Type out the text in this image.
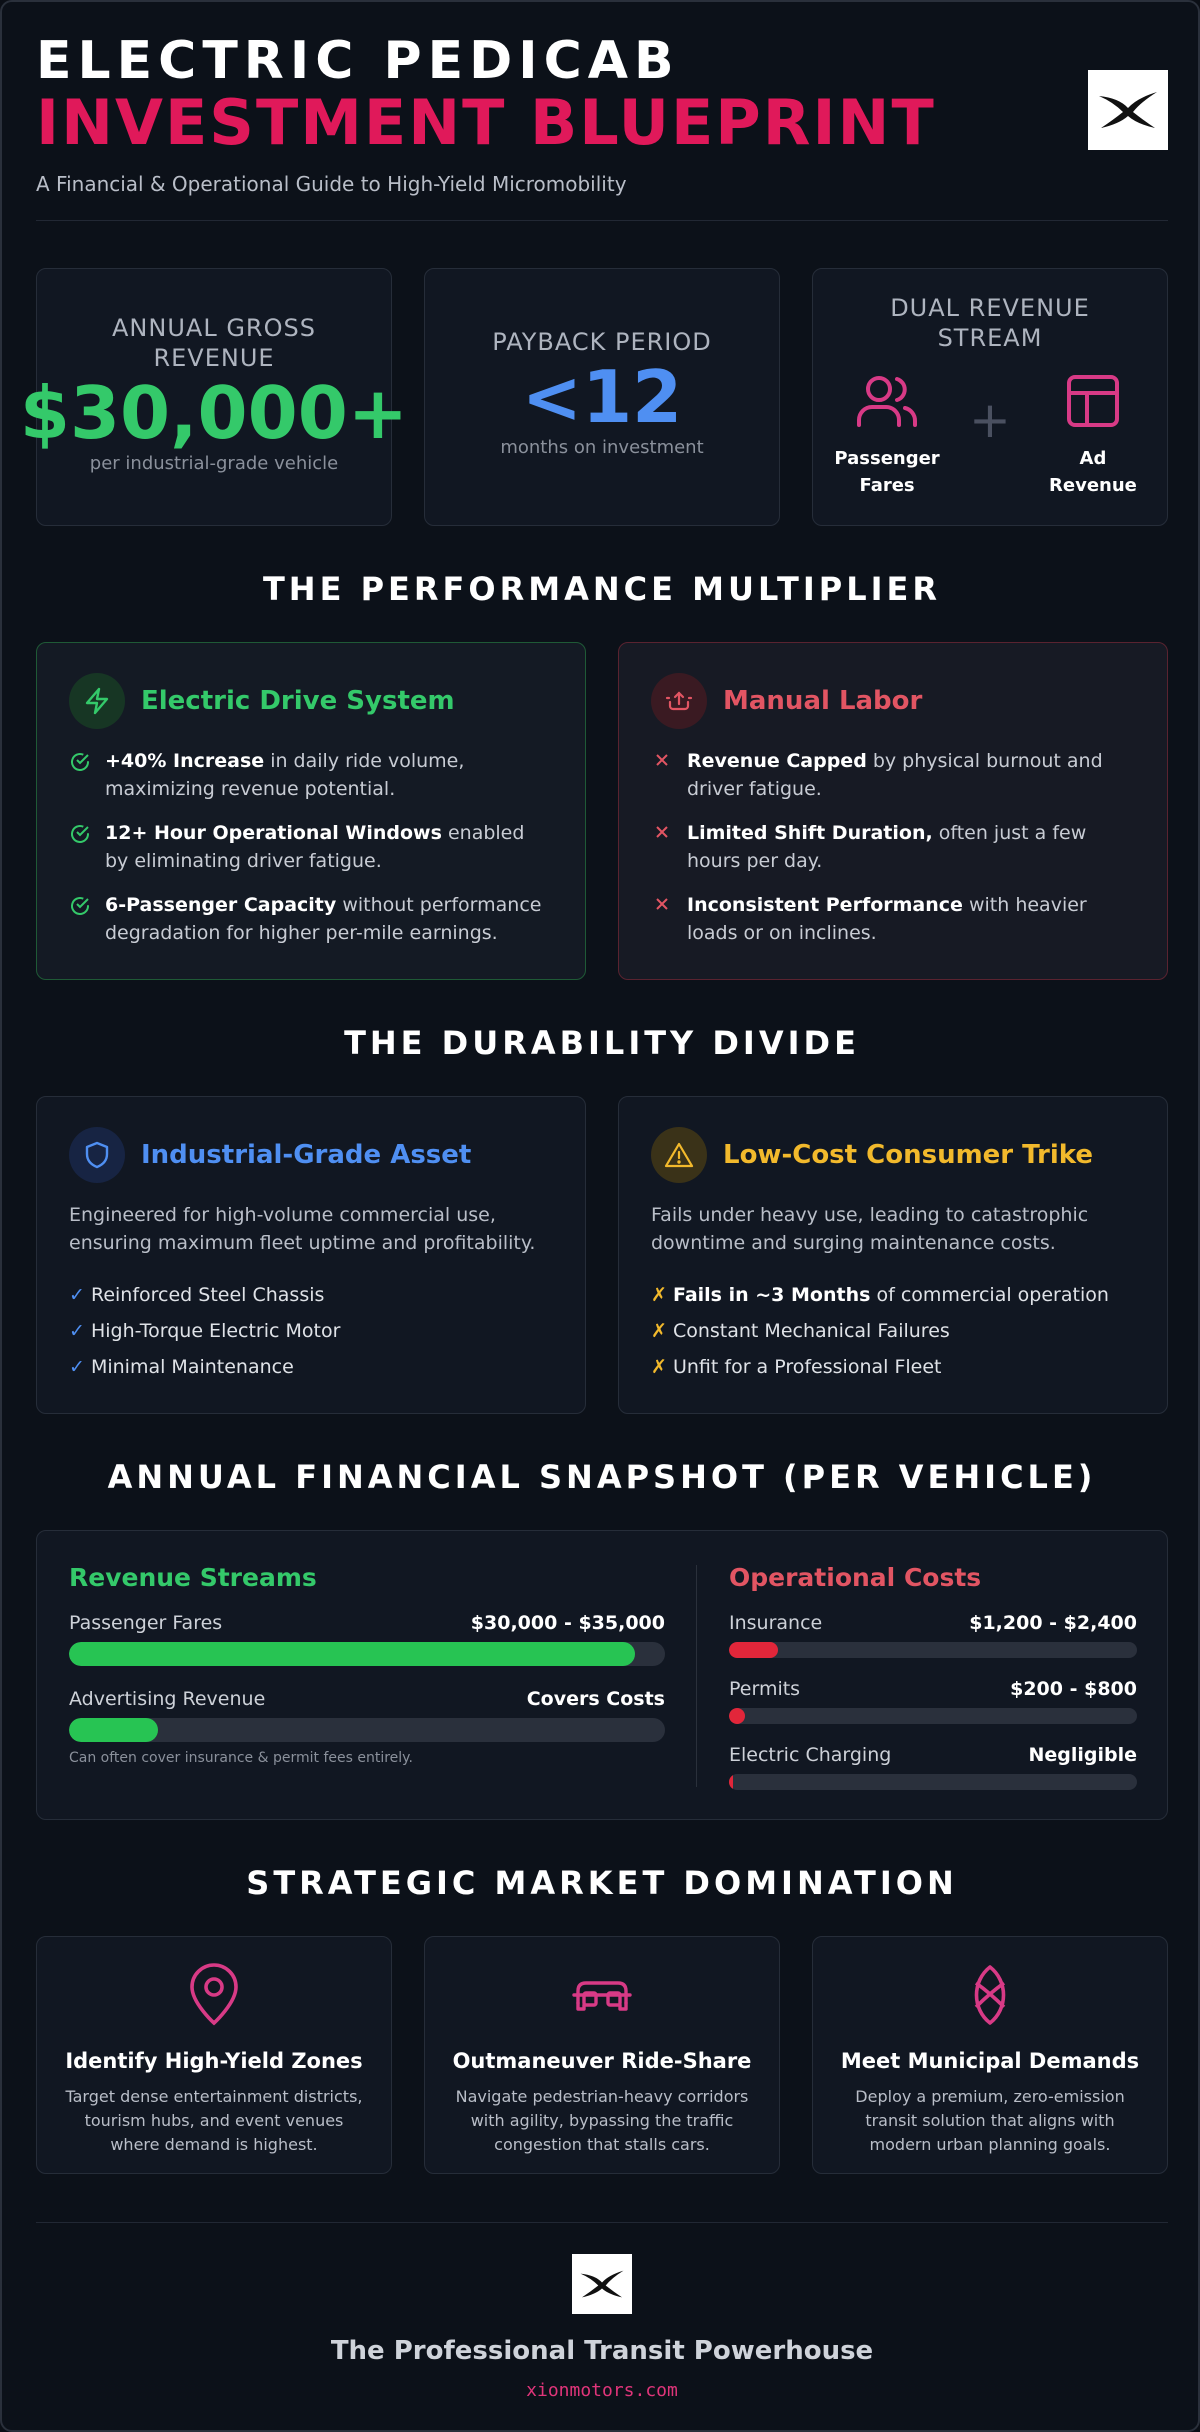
ELECTRIC PEDICAB
INVESTMENT BLUEPRINT
A Financial & Operational Guide to High-Yield Micromobility
ANNUAL GROSS REVENUE
$30,000+
per industrial-grade vehicle
PAYBACK PERIOD
<12
months on investment
DUAL REVENUE STREAM
Passenger Fares
+
Ad Revenue
THE PERFORMANCE MULTIPLIER
Electric Drive System
+40% Increase in daily ride volume, maximizing revenue potential.
12+ Hour Operational Windows enabled by eliminating driver fatigue.
6-Passenger Capacity without performance degradation for higher per-mile earnings.
Manual Labor
Revenue Capped by physical burnout and driver fatigue.
Limited Shift Duration, often just a few hours per day.
Inconsistent Performance with heavier loads or on inclines.
THE DURABILITY DIVIDE
Industrial-Grade Asset
Engineered for high-volume commercial use, ensuring maximum fleet uptime and profitability.
✓ Reinforced Steel Chassis
✓ High-Torque Electric Motor
✓ Minimal Maintenance
Low-Cost Consumer Trike
Fails under heavy use, leading to catastrophic downtime and surging maintenance costs.
✗ Fails in ~3 Months of commercial operation
✗ Constant Mechanical Failures
✗ Unfit for a Professional Fleet
ANNUAL FINANCIAL SNAPSHOT (PER VEHICLE)
Revenue Streams
Passenger Fares	$30,000 - $35,000
Advertising Revenue	Covers Costs
Can often cover insurance & permit fees entirely.
Operational Costs
Insurance	$1,200 - $2,400
Permits	$200 - $800
Electric Charging	Negligible
STRATEGIC MARKET DOMINATION
Identify High-Yield Zones
Target dense entertainment districts, tourism hubs, and event venues where demand is highest.
Outmaneuver Ride-Share
Navigate pedestrian-heavy corridors with agility, bypassing the traffic congestion that stalls cars.
Meet Municipal Demands
Deploy a premium, zero-emission transit solution that aligns with modern urban planning goals.
The Professional Transit Powerhouse
xionmotors.com
